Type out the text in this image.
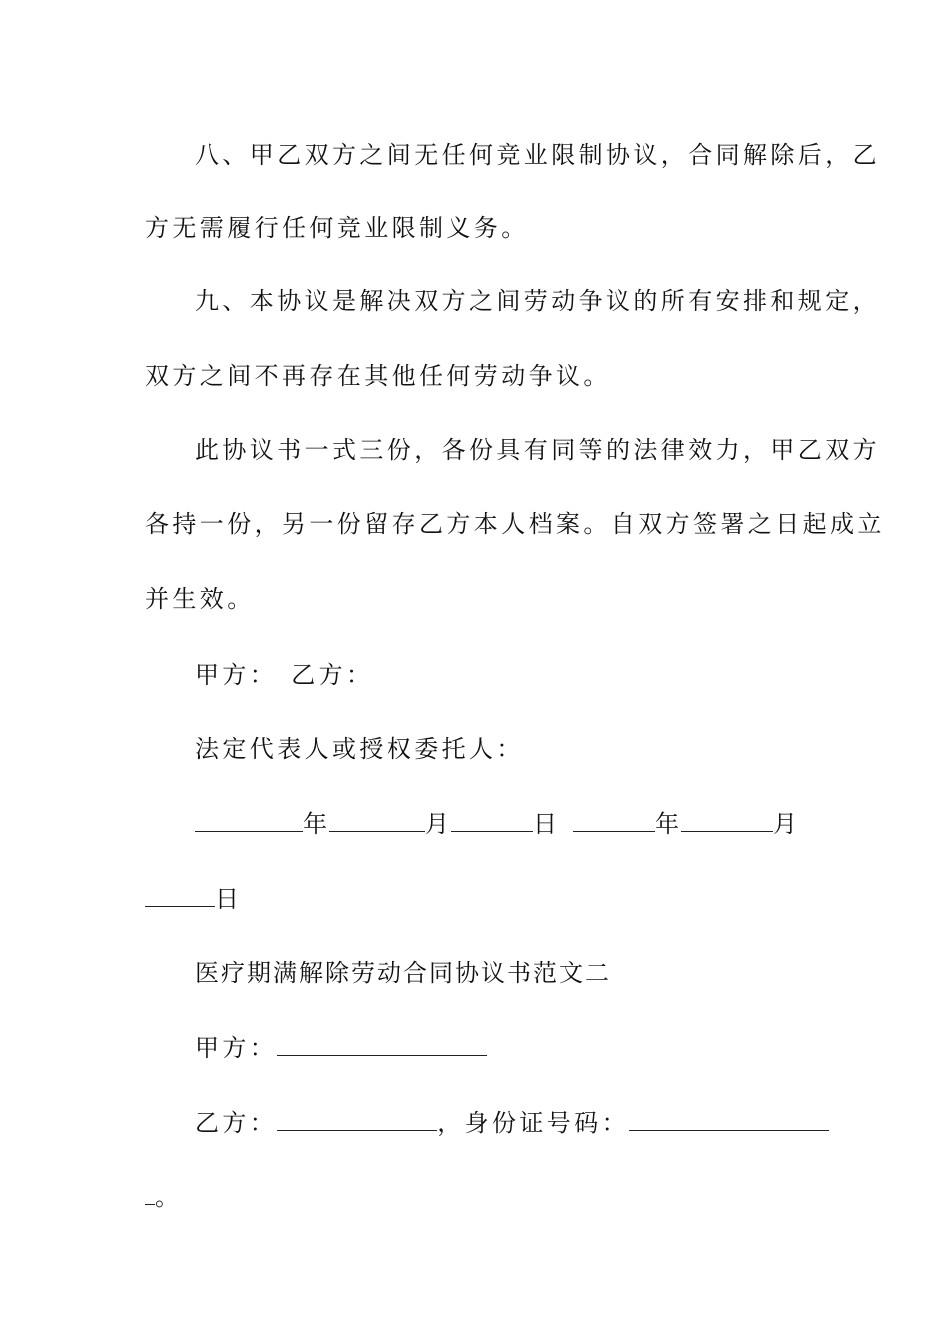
八、甲乙双方之间无任何竞业限制协议，合同解除后，乙
方无需履行任何竞业限制义务。
九、本协议是解决双方之间劳动争议的所有安排和规定，
双方之间不再存在其他任何劳动争议。
此协议书一式三份，各份具有同等的法律效力，甲乙双方
各持一份，另一份留存乙方本人档案。自双方签署之日起成立
并生效。
甲方： 乙方：
法定代表人或授权委托人：
年	月	日	年	月
日
医疗期满解除劳动合同协议书范文二
甲方：
乙方：	，身份证号码：
。
